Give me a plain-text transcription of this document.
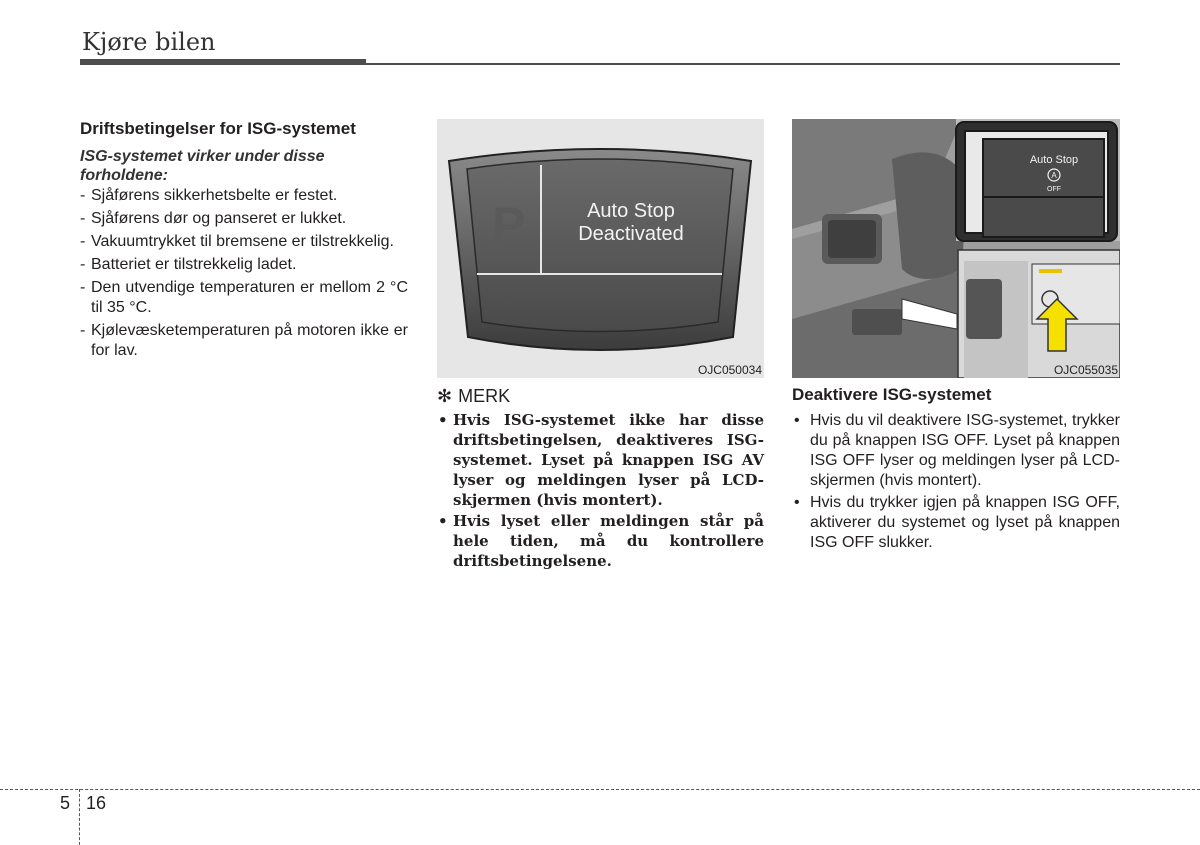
Kjøre bilen
Driftsbetingelser for ISG-systemet

ISG-systemet virker under disse forholdene:

- Sjåførens sikkerhetsbelte er festet.
- Sjåførens dør og panseret er lukket.
- Vakuumtrykket til bremsene er tilstrekkelig.
- Batteriet er tilstrekkelig ladet.
- Den utvendige temperaturen er mellom 2 °C til 35 °C.
- Kjølevæsketemperaturen på motoren ikke er for lav.
P	Auto Stop
Deactivated
OJC050034
✻ MERK
• Hvis ISG-systemet ikke har disse driftsbetingelsen, deaktiveres ISG-systemet. Lyset på knappen ISG AV lyser og meldingen lyser på LCD-skjermen (hvis montert).
• Hvis lyset eller meldingen står på hele tiden, må du kontrollere driftsbetingelsene.
Auto Stop
A
OFF
OJC055035
Deaktivere ISG-systemet
• Hvis du vil deaktivere ISG-systemet, trykker du på knappen ISG OFF. Lyset på knappen ISG OFF lyser og meldingen lyser på LCD-skjermen (hvis montert).
• Hvis du trykker igjen på knappen ISG OFF, aktiverer du systemet og lyset på knappen ISG OFF slukker.
5 16
